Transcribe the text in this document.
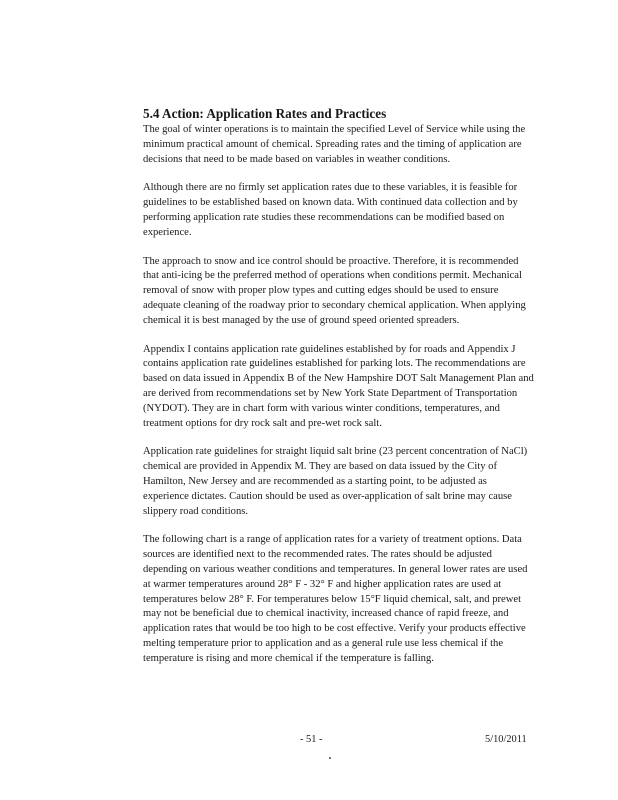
5.4 Action: Application Rates and Practices

The goal of winter operations is to maintain the specified Level of Service while using the minimum practical amount of chemical. Spreading rates and the timing of application are decisions that need to be made based on variables in weather conditions.

Although there are no firmly set application rates due to these variables, it is feasible for guidelines to be established based on known data. With continued data collection and by performing application rate studies these recommendations can be modified based on experience.

The approach to snow and ice control should be proactive. Therefore, it is recommended that anti-icing be the preferred method of operations when conditions permit. Mechanical removal of snow with proper plow types and cutting edges should be used to ensure adequate cleaning of the roadway prior to secondary chemical application. When applying chemical it is best managed by the use of ground speed oriented spreaders.

Appendix I contains application rate guidelines established by for roads and Appendix J contains application rate guidelines established for parking lots. The recommendations are based on data issued in Appendix B of the New Hampshire DOT Salt Management Plan and are derived from recommendations set by New York State Department of Transportation (NYDOT). They are in chart form with various winter conditions, temperatures, and treatment options for dry rock salt and pre-wet rock salt.

Application rate guidelines for straight liquid salt brine (23 percent concentration of NaCl) chemical are provided in Appendix M. They are based on data issued by the City of Hamilton, New Jersey and are recommended as a starting point, to be adjusted as experience dictates. Caution should be used as over-application of salt brine may cause slippery road conditions.

The following chart is a range of application rates for a variety of treatment options. Data sources are identified next to the recommended rates. The rates should be adjusted depending on various weather conditions and temperatures. In general lower rates are used at warmer temperatures around 28° F - 32° F and higher application rates are used at temperatures below 28° F. For temperatures below 15°F liquid chemical, salt, and prewet may not be beneficial due to chemical inactivity, increased chance of rapid freeze, and application rates that would be too high to be cost effective. Verify your products effective melting temperature prior to application and as a general rule use less chemical if the temperature is rising and more chemical if the temperature is falling.

- 51 -	5/10/2011
